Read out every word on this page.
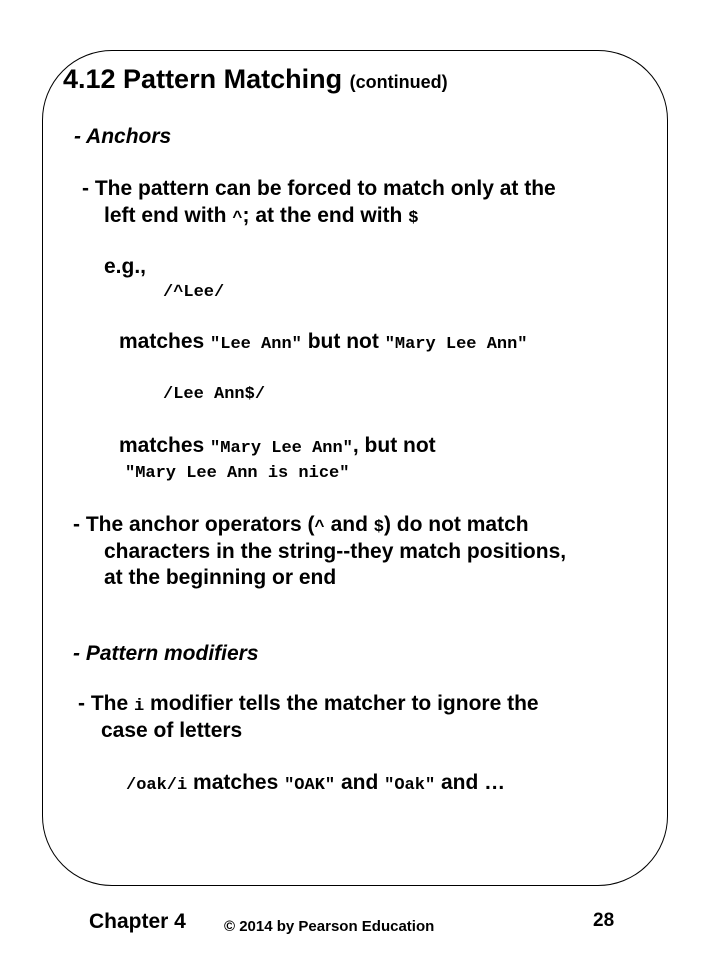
4.12 Pattern Matching (continued)
- Anchors
- The pattern can be forced to match only at the
left end with ^; at the end with $
e.g.,
/^Lee/
matches "Lee Ann" but not "Mary Lee Ann"
/Lee Ann$/
matches "Mary Lee Ann", but not
"Mary Lee Ann is nice"
- The anchor operators (^ and $) do not match
characters in the string--they match positions,
at the beginning or end
- Pattern modifiers
- The i modifier tells the matcher to ignore the
case of letters
/oak/i matches "OAK" and "Oak" and …
Chapter 4	© 2014 by Pearson Education	28
